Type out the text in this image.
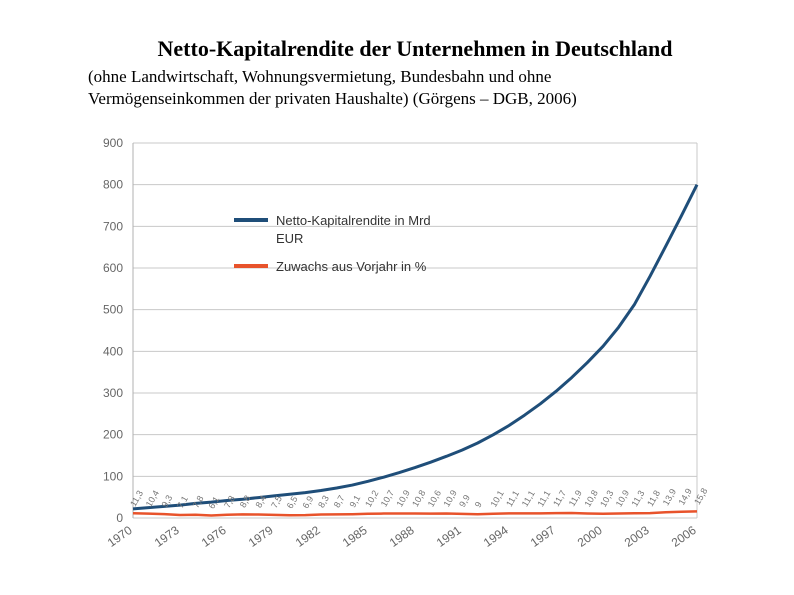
Netto-Kapitalrendite der Unternehmen in Deutschland
(ohne Landwirtschaft, Wohnungsvermietung, Bundesbahn und ohne
Vermögenseinkommen der privaten Haushalte) (Görgens – DGB, 2006)
0
100
200
300
400
500
600
700
800
900
1970 1973 1976 1979 1982 1985 1988 1991 1994 1997 2000 2003 2006
11,3
10,4
9,3 7,1 7,8 6,1 7,8 8,8 8,4 7,5 6,5 6,9 8,3 8,7 9,1 10,2
10,7
10,9
10,8
10,6
10,9
9,9 9 10,1
11,1
11,1
11,1
11,7
11,9
10,8
10,3
10,9
11,3
11,8
13,9
14,9
15,8
Netto-Kapitalrendite in Mrd
EUR
Zuwachs aus Vorjahr in %
